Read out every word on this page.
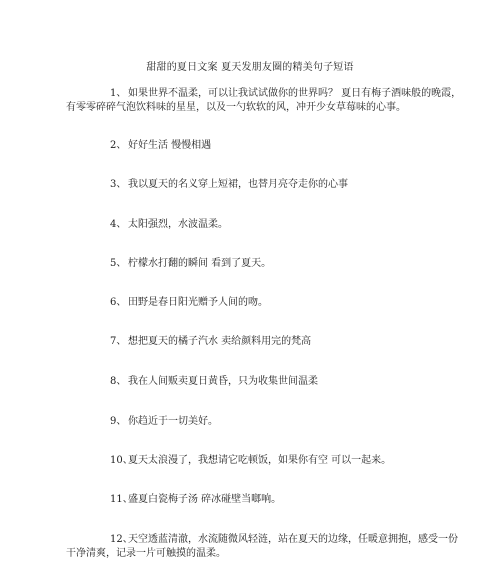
甜甜的夏日文案 夏天发朋友圈的精美句子短语
1、 如果世界不温柔，可以让我试试做你的世界吗？ 夏日有梅子酒味般的晚霞，
有零零碎碎气泡饮料味的星星，以及一勺软软的风，冲开少女草莓味的心事。
2、 好好生活 慢慢相遇
3、 我以夏天的名义穿上短裙，也替月亮夺走你的心事
4、 太阳强烈，水波温柔。
5、 柠檬水打翻的瞬间 看到了夏天。
6、 田野是春日阳光赠予人间的吻。
7、 想把夏天的橘子汽水 卖给颜料用完的梵高
8、 我在人间贩卖夏日黄昏，只为收集世间温柔
9、 你趋近于一切美好。
10、夏天太浪漫了，我想请它吃顿饭，如果你有空 可以一起来。
11、盛夏白瓷梅子汤 碎冰碰壁当啷响。
12、天空透蓝清澈，水流随微风轻涟，站在夏天的边缘，任暖意拥抱，感受一份
干净清爽，记录一片可触摸的温柔。
